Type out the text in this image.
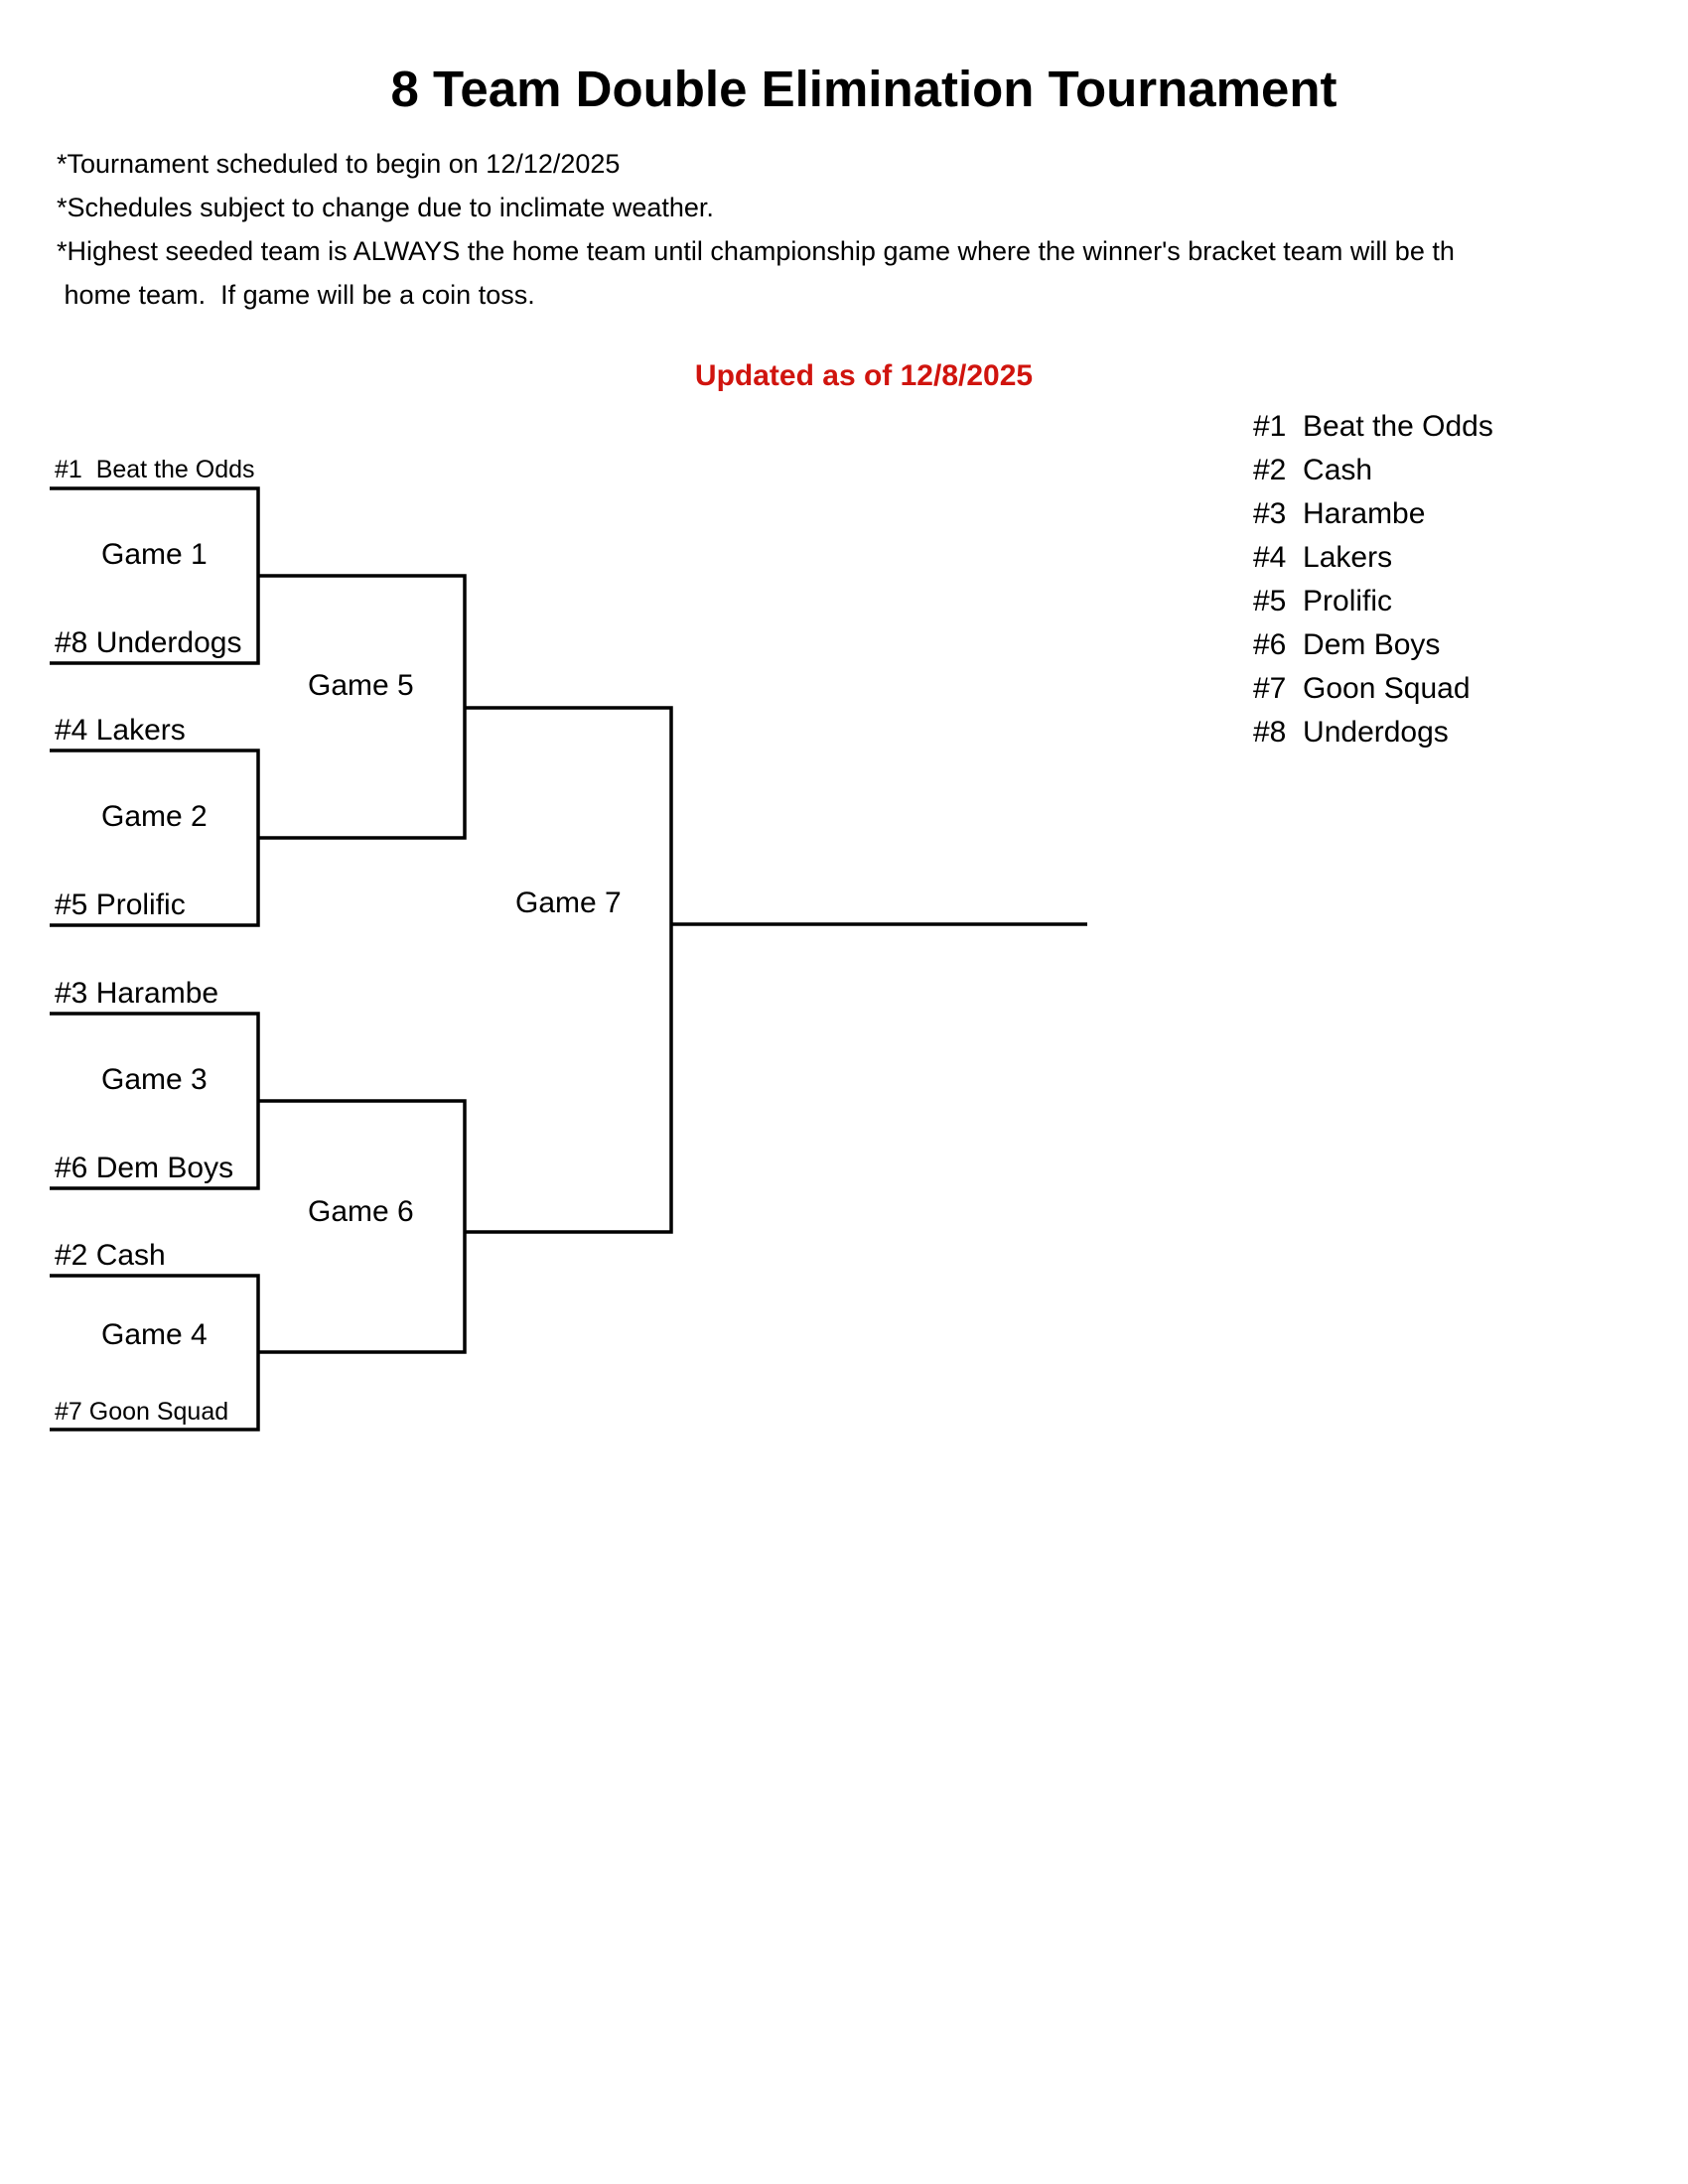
8 Team Double Elimination Tournament
*Tournament scheduled to begin on 12/12/2025
*Schedules subject to change due to inclimate weather.
*Highest seeded team is ALWAYS the home team until championship game where the winner's bracket team will be th
home team.  If game will be a coin toss.
Updated as of 12/8/2025
#1  Beat the Odds
#2  Cash
#3  Harambe
#4  Lakers
#5  Prolific
#6  Dem Boys
#7  Goon Squad
#8  Underdogs
#1  Beat the Odds
#8 Underdogs
#4 Lakers
#5 Prolific
#3 Harambe
#6 Dem Boys
#2 Cash
#7 Goon Squad
Game 1
Game 2
Game 3
Game 4
Game 5
Game 6
Game 7
